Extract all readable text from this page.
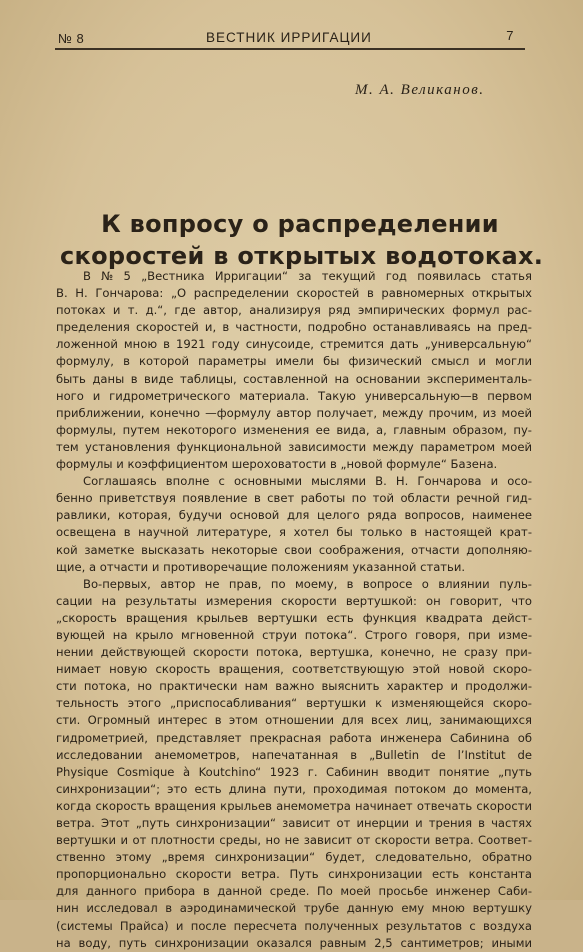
№ 8	ВЕСТНИК ИРРИГАЦИИ	7
М. А. Великанов.
К вопросу о распределении
скоростей в открытых водотоках.
В № 5 „Вестника Ирригации“ за текущий год появилась статья
В. Н. Гончарова: „О распределении скоростей в равномерных открытых
потоках и т. д.“, где автор, анализируя ряд эмпирических формул рас-
пределения скоростей и, в частности, подробно останавливаясь на пред-
ложенной мною в 1921 году синусоиде, стремится дать „универсальную“
формулу, в которой параметры имели бы физический смысл и могли
быть даны в виде таблицы, составленной на основании эксперименталь-
ного и гидрометрического материала. Такую универсальную—в первом
приближении, конечно —формулу автор получает, между прочим, из моей
формулы, путем некоторого изменения ее вида, а, главным образом, пу-
тем установления функциональной зависимости между параметром моей
формулы и коэффициентом шероховатости в „новой формуле“ Базена.
Соглашаясь вполне с основными мыслями В. Н. Гончарова и осо-
бенно приветствуя появление в свет работы по той области речной гид-
равлики, которая, будучи основой для целого ряда вопросов, наименее
освещена в научной литературе, я хотел бы только в настоящей крат-
кой заметке высказать некоторые свои соображения, отчасти дополняю-
щие, а отчасти и противоречащие положениям указанной статьи.
Во-первых, автор не прав, по моему, в вопросе о влиянии пуль-
сации на результаты измерения скорости вертушкой: он говорит, что
„скорость вращения крыльев вертушки есть функция квадрата дейст-
вующей на крыло мгновенной струи потока“. Строго говоря, при изме-
нении действующей скорости потока, вертушка, конечно, не сразу при-
нимает новую скорость вращения, соответствующую этой новой скоро-
сти потока, но практически нам важно выяснить характер и продолжи-
тельность этого „приспосабливания“ вертушки к изменяющейся скоро-
сти. Огромный интерес в этом отношении для всех лиц, занимающихся
гидрометрией, представляет прекрасная работа инженера Сабинина об
исследовании анемометров, напечатанная в „Bulletin de l’Institut de
Physique Cosmique à Koutchino“ 1923 г. Сабинин вводит понятие „путь
синхронизации“; это есть длина пути, проходимая потоком до момента,
когда скорость вращения крыльев анемометра начинает отвечать скорости
ветра. Этот „путь синхронизации“ зависит от инерции и трения в частях
вертушки и от плотности среды, но не зависит от скорости ветра. Соответ-
ственно этому „время синхронизации“ будет, следовательно, обратно
пропорционально скорости ветра. Путь синхронизации есть константа
для данного прибора в данной среде. По моей просьбе инженер Саби-
нин исследовал в аэродинамической трубе данную ему мною вертушку
(системы Прайса) и после пересчета полученных результатов с воздуха
на воду, путь синхронизации оказался равным 2,5 сантиметров; иными
